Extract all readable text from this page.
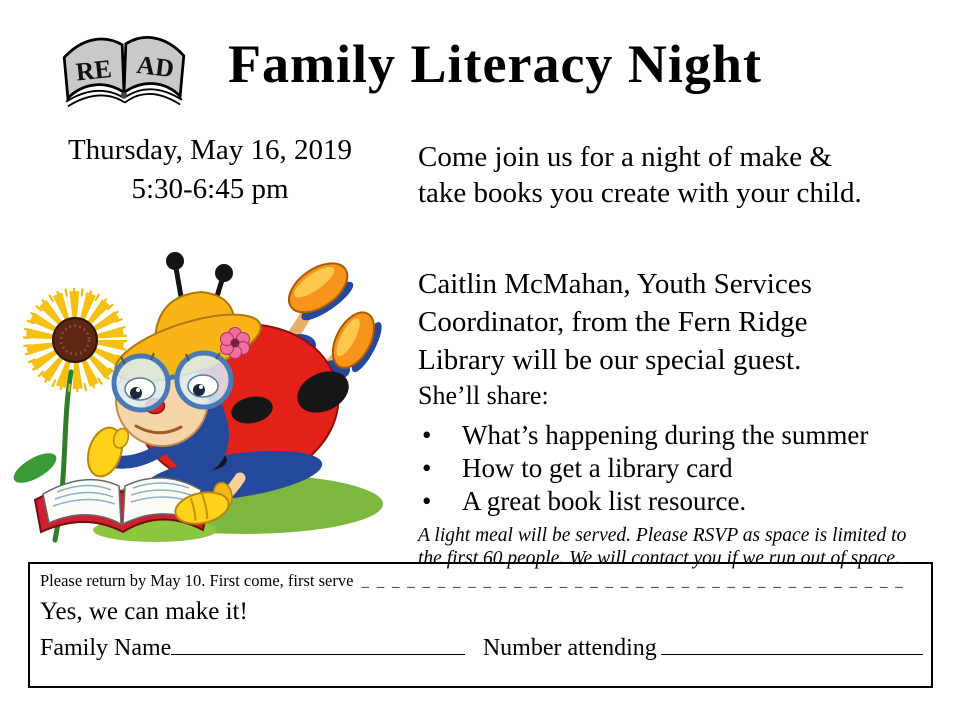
RE AD Family Literacy Night
Thursday, May 16, 2019
5:30-6:45 pm
Come join us for a night of make &
take books you create with your child.
Caitlin McMahan, Youth Services
Coordinator, from the Fern Ridge
Library will be our special guest.
She’ll share:
•	What’s happening during the summer
•	How to get a library card
•	A great book list resource.
A light meal will be served. Please RSVP as space is limited to
the first 60 people. We will contact you if we run out of space.
Please return by May 10. First come, first serve _ _ _ _ _ _ _ _ _ _ _ _ _ _ _ _ _ _ _ _ _ _ _ _ _ _ _ _ _ _ _ _ _ _ _ _
Yes, we can make it!
Family Name	Number attending
